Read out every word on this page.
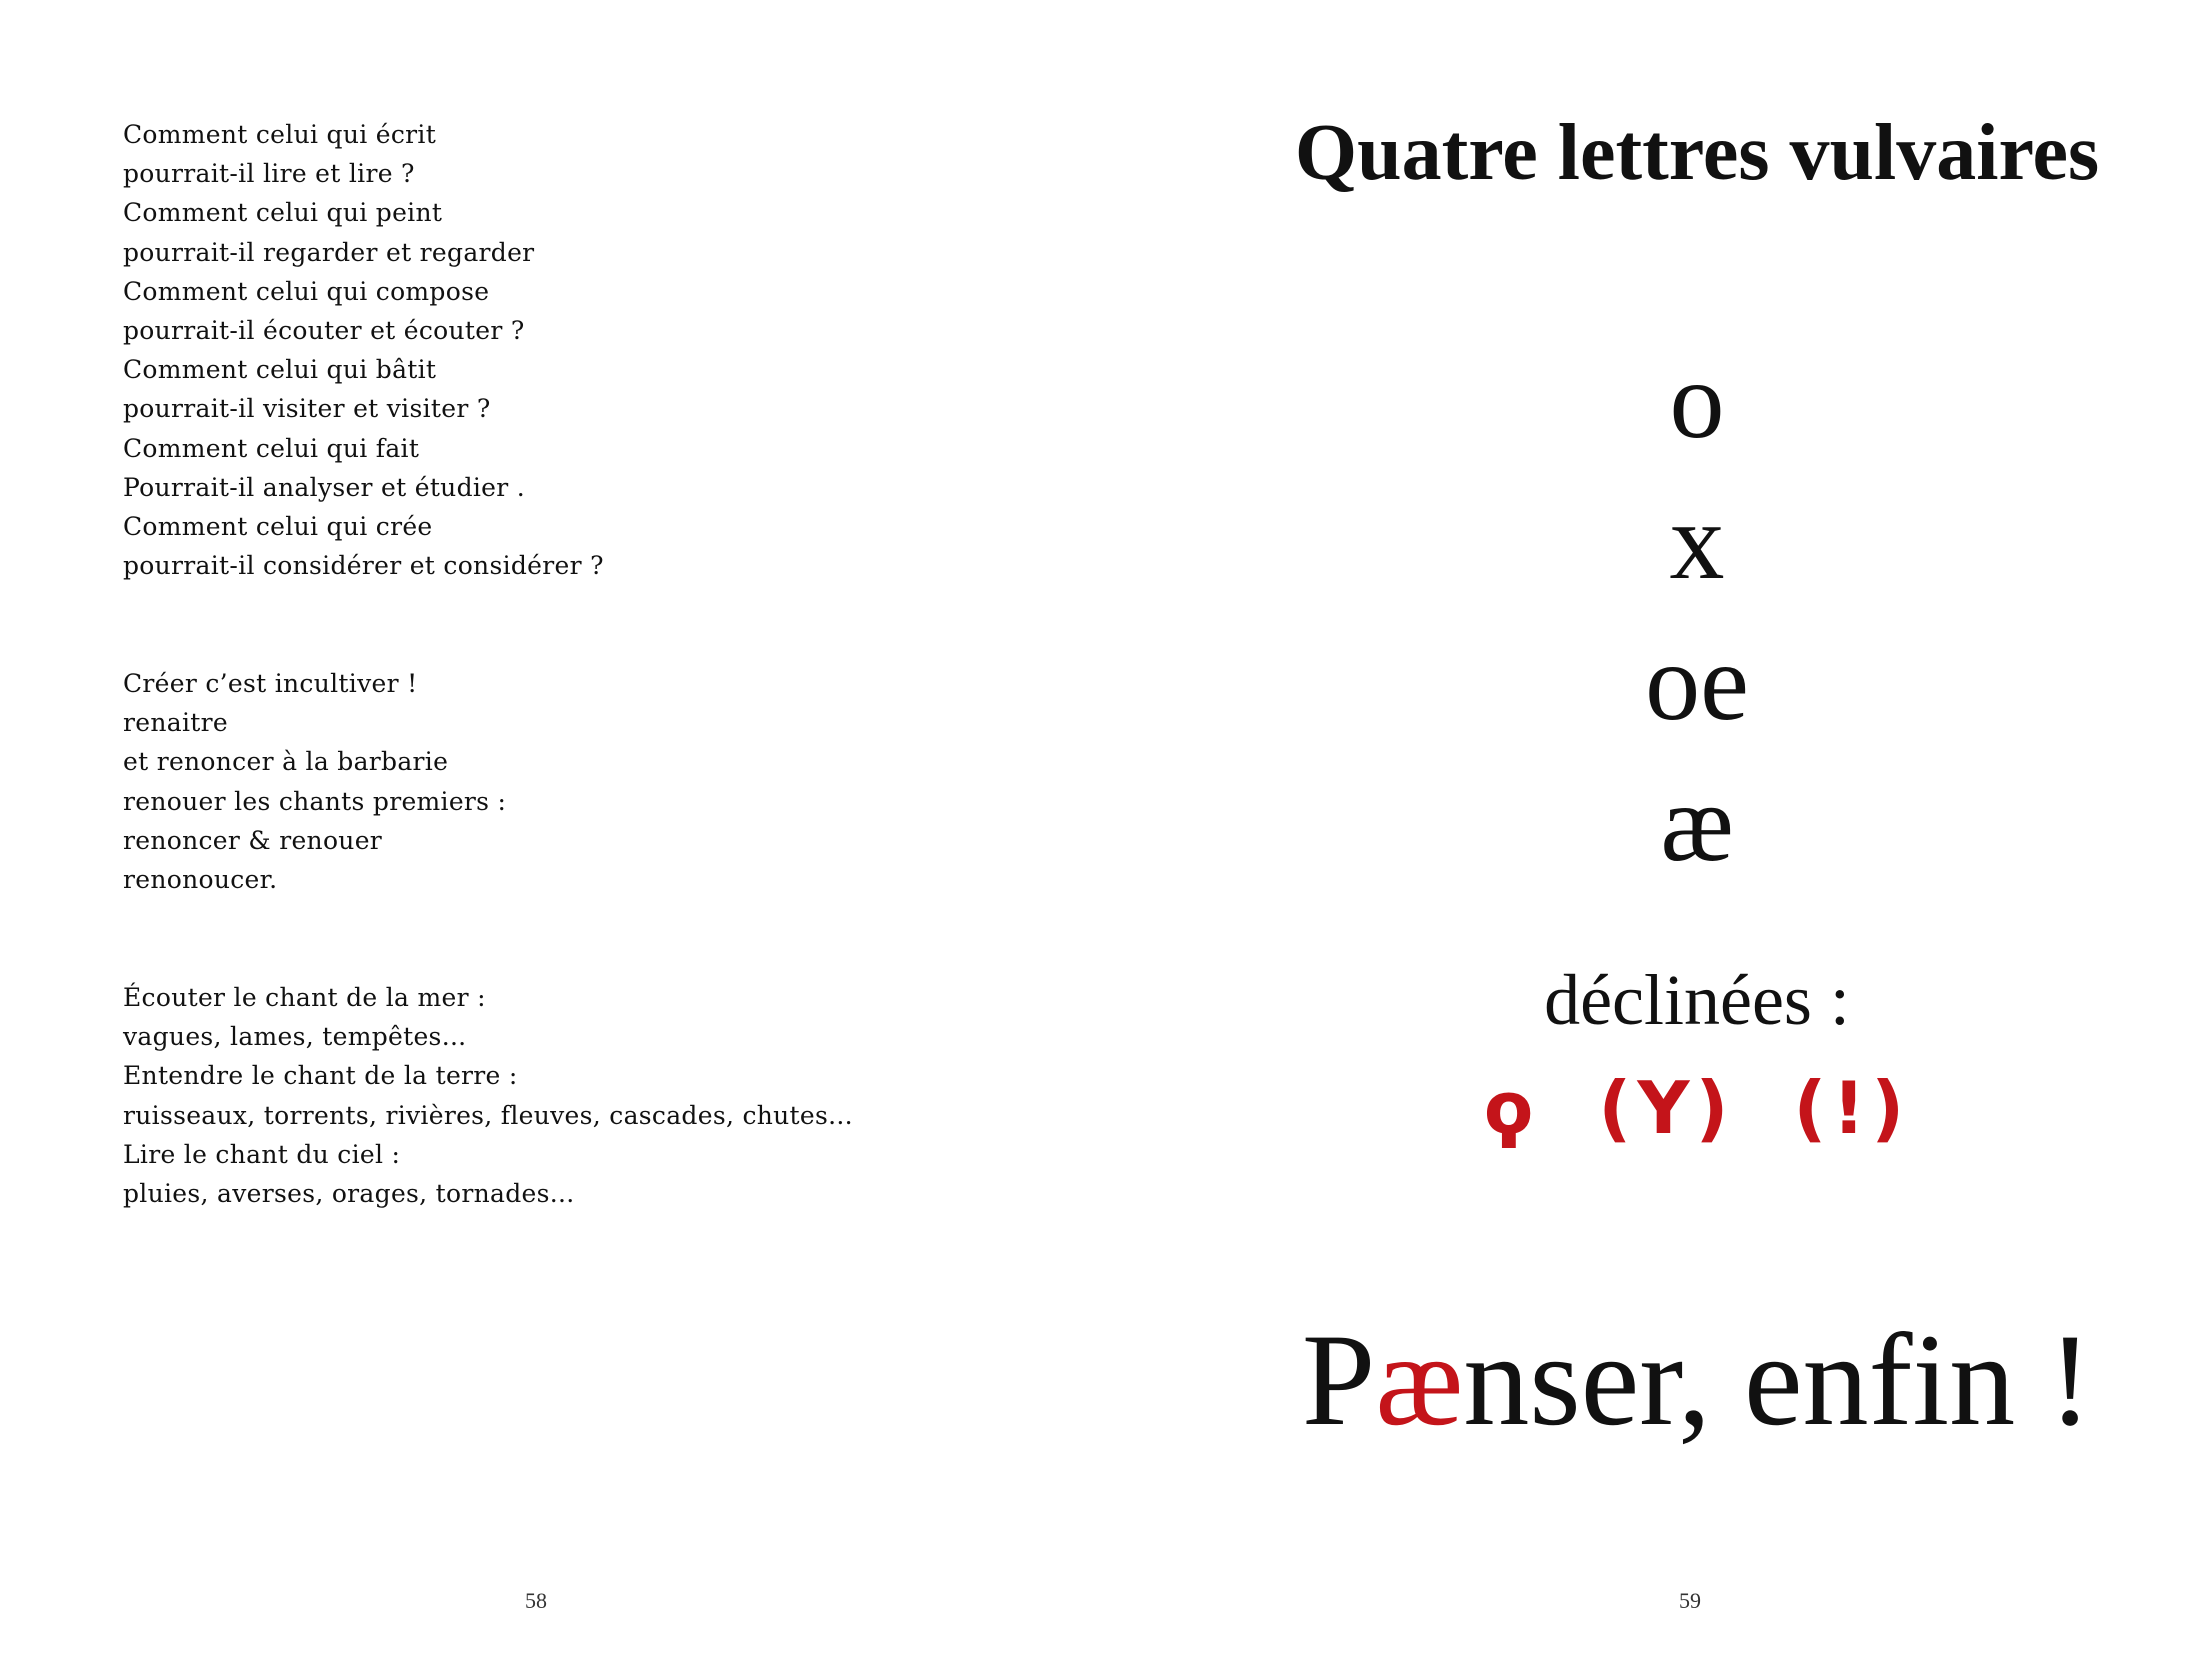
Comment celui qui écrit
pourrait-il lire et lire ?
Comment celui qui peint
pourrait-il regarder et regarder
Comment celui qui compose
pourrait-il écouter et écouter ?
Comment celui qui bâtit
pourrait-il visiter et visiter ?
Comment celui qui fait
Pourrait-il analyser et étudier .
Comment celui qui crée
pourrait-il considérer et considérer ?
Créer c’est incultiver !
renaitre
et renoncer à la barbarie
renouer les chants premiers :
renoncer & renouer
renonoucer.
Écouter le chant de la mer :
vagues, lames, tempêtes...
Entendre le chant de la terre :
ruisseaux, torrents, rivières, fleuves, cascades, chutes...
Lire le chant du ciel :
pluies, averses, orages, tornades...
58
Quatre lettres vulvaires
o
x
oe
æ
déclinées :
ϙ (Y) (!)
Pænser, enfin !
59
